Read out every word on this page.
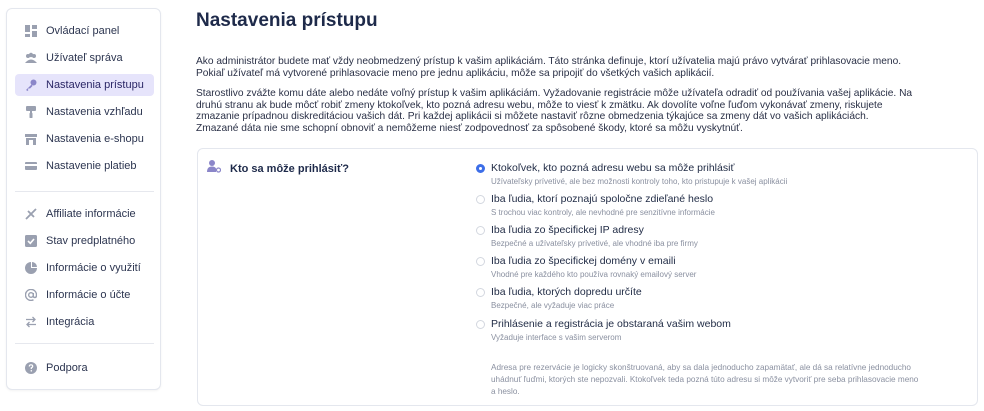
Ovládací panel
Užívateľ správa
Nastavenia prístupu
Nastavenia vzhľadu
Nastavenia e-shopu
Nastavenie platieb
Affiliate informácie
Stav predplatného
Informácie o využití
Informácie o účte
Integrácia
Podpora
Nastavenia prístupu
Ako administrátor budete mať vždy neobmedzený prístup k vašim aplikáciám. Táto stránka definuje, ktorí užívatelia majú právo vytvárať prihlasovacie meno.
Pokiaľ užívateľ má vytvorené prihlasovacie meno pre jednu aplikáciu, môže sa pripojiť do všetkých vašich aplikácií.
Starostlivo zvážte komu dáte alebo nedáte voľný prístup k vašim aplikáciám. Vyžadovanie registrácie môže užívateľa odradiť od používania vašej aplikácie. Na
druhú stranu ak bude môcť robiť zmeny ktokoľvek, kto pozná adresu webu, môže to viesť k zmätku. Ak dovolíte voľne ľuďom vykonávať zmeny, riskujete
zmazanie prípadnou diskreditáciou vašich dát. Pri každej aplikácii si môžete nastaviť rôzne obmedzenia týkajúce sa zmeny dát vo vašich aplikáciách.
Zmazané dáta nie sme schopní obnoviť a nemôžeme niesť zodpovednosť za spôsobené škody, ktoré sa môžu vyskytnúť.
Kto sa môže prihlásiť?	Ktokoľvek, kto pozná adresu webu sa môže prihlásiť
Užívateľsky prívetivé, ale bez možnosti kontroly toho, kto pristupuje k vašej aplikácii
Iba ľudia, ktorí poznajú spoločne zdieľané heslo
S trochou viac kontroly, ale nevhodné pre senzitívne informácie
Iba ľudia zo špecifickej IP adresy
Bezpečné a užívateľsky prívetivé, ale vhodné iba pre firmy
Iba ľudia zo špecifickej domény v emaili
Vhodné pre každého kto používa rovnaký emailový server
Iba ľudia, ktorých dopredu určíte
Bezpečné, ale vyžaduje viac práce
Prihlásenie a registrácia je obstaraná vašim webom
Vyžaduje interface s vašim serverom
Adresa pre rezervácie je logicky skonštruovaná, aby sa dala jednoducho zapamätať, ale dá sa relatívne jednoducho
uhádnuť ľuďmi, ktorých ste nepozvali. Ktokoľvek teda pozná túto adresu si môže vytvoriť pre seba prihlasovacie meno
a heslo.
